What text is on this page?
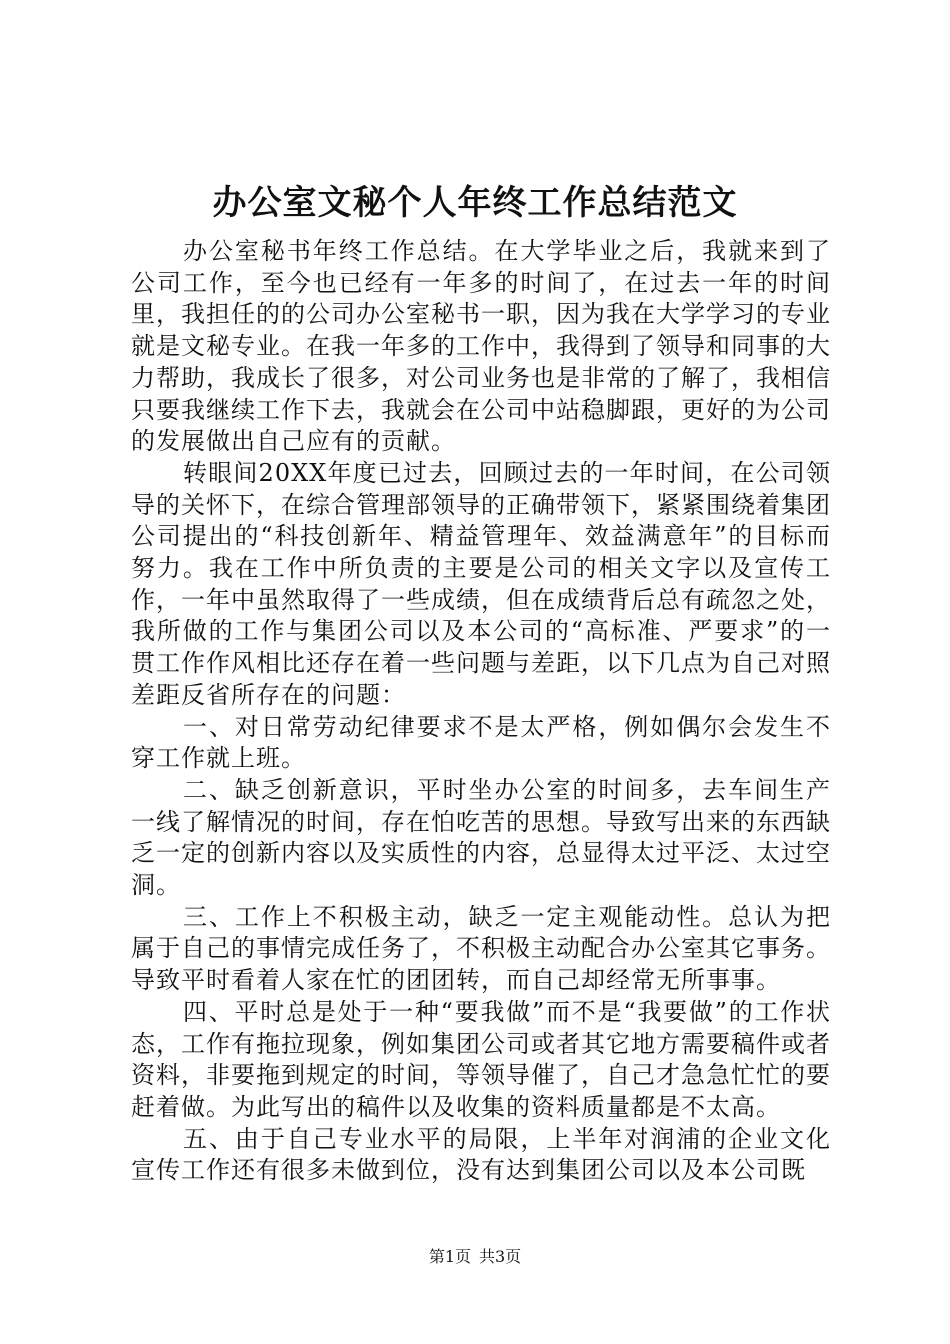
办公室文秘个人年终工作总结范文

办公室秘书年终工作总结。在大学毕业之后，我就来到了公司工作，至今也已经有一年多的时间了，在过去一年的时间里，我担任的的公司办公室秘书一职，因为我在大学学习的专业就是文秘专业。在我一年多的工作中，我得到了领导和同事的大力帮助，我成长了很多，对公司业务也是非常的了解了，我相信只要我继续工作下去，我就会在公司中站稳脚跟，更好的为公司的发展做出自己应有的贡献。

转眼间20XX年度已过去，回顾过去的一年时间，在公司领导的关怀下，在综合管理部领导的正确带领下，紧紧围绕着集团公司提出的“科技创新年、精益管理年、效益满意年”的目标而努力。我在工作中所负责的主要是公司的相关文字以及宣传工作，一年中虽然取得了一些成绩，但在成绩背后总有疏忽之处，我所做的工作与集团公司以及本公司的“高标准、严要求”的一贯工作作风相比还存在着一些问题与差距，以下几点为自己对照差距反省所存在的问题：

一、对日常劳动纪律要求不是太严格，例如偶尔会发生不穿工作就上班。

二、缺乏创新意识，平时坐办公室的时间多，去车间生产一线了解情况的时间，存在怕吃苦的思想。导致写出来的东西缺乏一定的创新内容以及实质性的内容，总显得太过平泛、太过空洞。

三、工作上不积极主动，缺乏一定主观能动性。总认为把属于自己的事情完成任务了，不积极主动配合办公室其它事务。导致平时看着人家在忙的团团转，而自己却经常无所事事。

四、平时总是处于一种“要我做”而不是“我要做”的工作状态，工作有拖拉现象，例如集团公司或者其它地方需要稿件或者资料，非要拖到规定的时间，等领导催了，自己才急急忙忙的要赶着做。为此写出的稿件以及收集的资料质量都是不太高。

五、由于自己专业水平的局限，上半年对润浦的企业文化宣传工作还有很多未做到位，没有达到集团公司以及本公司既

第1页 共3页
